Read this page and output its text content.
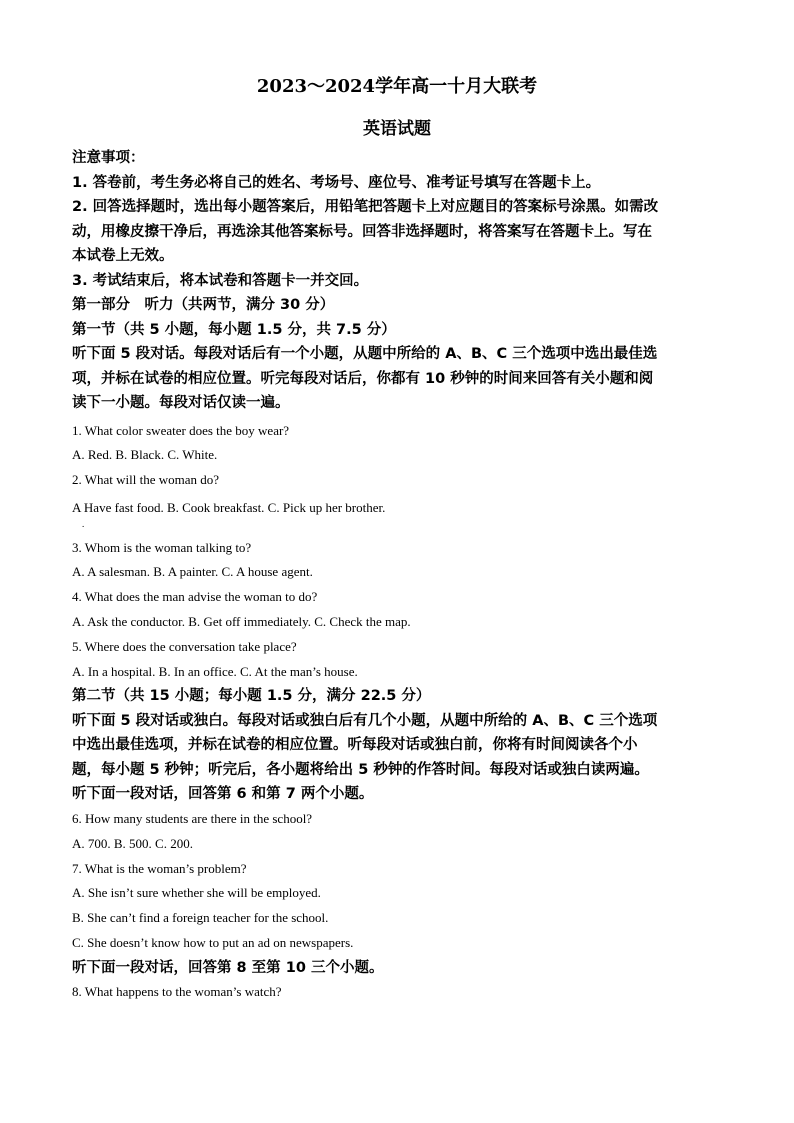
2023～2024学年高一十月大联考
英语试题

注意事项：

1. 答卷前，考生务必将自己的姓名、考场号、座位号、准考证号填写在答题卡上。

2. 回答选择题时，选出每小题答案后，用铅笔把答题卡上对应题目的答案标号涂黑。如需改

动，用橡皮擦干净后，再选涂其他答案标号。回答非选择题时，将答案写在答题卡上。写在

本试卷上无效。

3. 考试结束后，将本试卷和答题卡一并交回。

第一部分　听力（共两节，满分 30 分）

第一节（共 5 小题，每小题 1.5 分，共 7.5 分）

听下面 5 段对话。每段对话后有一个小题，从题中所给的 A、B、C 三个选项中选出最佳选

项，并标在试卷的相应位置。听完每段对话后，你都有 10 秒钟的时间来回答有关小题和阅

读下一小题。每段对话仅读一遍。

1. What color sweater does the boy wear?

A. Red. B. Black. C. White.

2. What will the woman do?

A Have fast food. B. Cook breakfast. C. Pick up her brother.

.

3. Whom is the woman talking to?

A. A salesman. B. A painter. C. A house agent.

4. What does the man advise the woman to do?

A. Ask the conductor. B. Get off immediately. C. Check the map.

5. Where does the conversation take place?

A. In a hospital. B. In an office. C. At the man’s house.

第二节（共 15 小题；每小题 1.5 分，满分 22.5 分）

听下面 5 段对话或独白。每段对话或独白后有几个小题，从题中所给的 A、B、C 三个选项

中选出最佳选项，并标在试卷的相应位置。听每段对话或独白前，你将有时间阅读各个小

题，每小题 5 秒钟；听完后，各小题将给出 5 秒钟的作答时间。每段对话或独白读两遍。

听下面一段对话，回答第 6 和第 7 两个小题。

6. How many students are there in the school?

A. 700. B. 500. C. 200.

7. What is the woman’s problem?

A. She isn’t sure whether she will be employed.

B. She can’t find a foreign teacher for the school.

C. She doesn’t know how to put an ad on newspapers.

听下面一段对话，回答第 8 至第 10 三个小题。

8. What happens to the woman’s watch?
